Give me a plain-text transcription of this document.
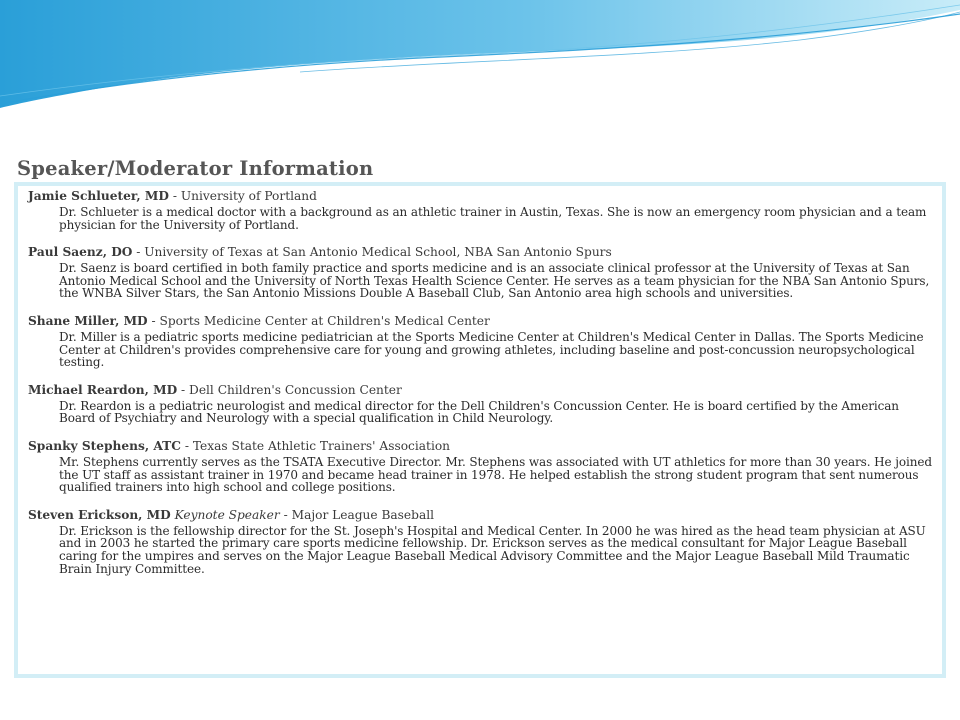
Speaker/Moderator Information
Jamie Schlueter, MD - University of Portland
Dr. Schlueter is a medical doctor with a background as an athletic trainer in Austin, Texas. She is now an emergency room physician and a team physician for the University of Portland.
Paul Saenz, DO - University of Texas at San Antonio Medical School, NBA San Antonio Spurs
Dr. Saenz is board certified in both family practice and sports medicine and is an associate clinical professor at the University of Texas at San Antonio Medical School and the University of North Texas Health Science Center. He serves as a team physician for the NBA San Antonio Spurs, the WNBA Silver Stars, the San Antonio Missions Double A Baseball Club, San Antonio area high schools and universities.
Shane Miller, MD - Sports Medicine Center at Children's Medical Center
Dr. Miller is a pediatric sports medicine pediatrician at the Sports Medicine Center at Children's Medical Center in Dallas. The Sports Medicine Center at Children's provides comprehensive care for young and growing athletes, including baseline and post-concussion neuropsychological testing.
Michael Reardon, MD - Dell Children's Concussion Center
Dr. Reardon is a pediatric neurologist and medical director for the Dell Children's Concussion Center. He is board certified by the American Board of Psychiatry and Neurology with a special qualification in Child Neurology.
Spanky Stephens, ATC - Texas State Athletic Trainers' Association
Mr. Stephens currently serves as the TSATA Executive Director. Mr. Stephens was associated with UT athletics for more than 30 years. He joined the UT staff as assistant trainer in 1970 and became head trainer in 1978. He helped establish the strong student program that sent numerous qualified trainers into high school and college positions.
Steven Erickson, MD Keynote Speaker - Major League Baseball
Dr. Erickson is the fellowship director for the St. Joseph's Hospital and Medical Center. In 2000 he was hired as the head team physician at ASU and in 2003 he started the primary care sports medicine fellowship. Dr. Erickson serves as the medical consultant for Major League Baseball caring for the umpires and serves on the Major League Baseball Medical Advisory Committee and the Major League Baseball Mild Traumatic Brain Injury Committee.
